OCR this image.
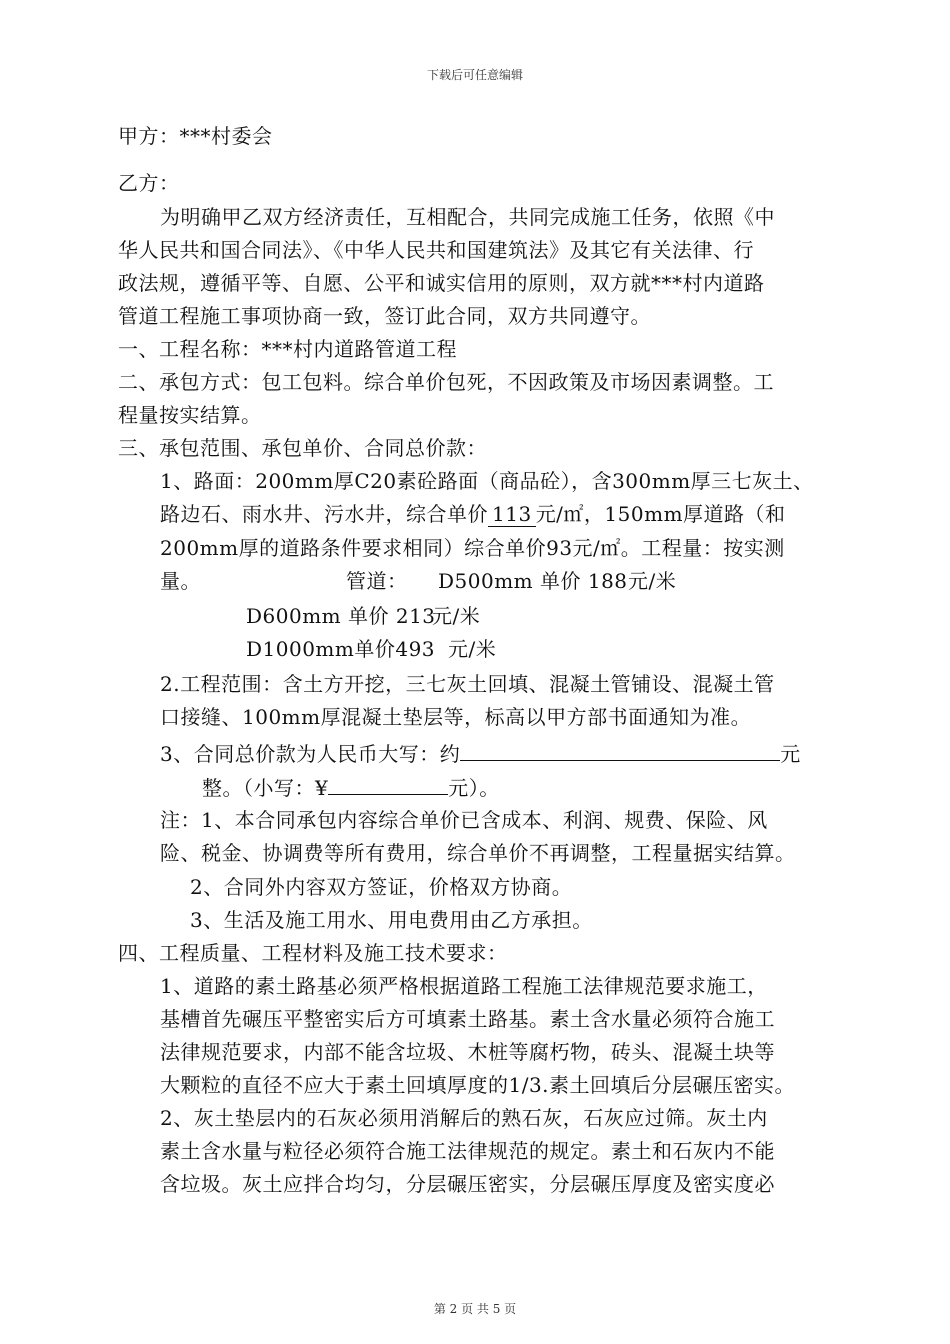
下载后可任意编辑
甲方：***村委会
乙方：
为明确甲乙双方经济责任，互相配合，共同完成施工任务，依照《中
华人民共和国合同法》、《中华人民共和国建筑法》及其它有关法律、行
政法规，遵循平等、自愿、公平和诚实信用的原则，双方就***村内道路
管道工程施工事项协商一致，签订此合同，双方共同遵守。
一、工程名称：***村内道路管道工程
二、承包方式：包工包料。综合单价包死，不因政策及市场因素调整。工
程量按实结算。
三、承包范围、承包单价、合同总价款：
1、路面：200mm厚C20素砼路面（商品砼），含300mm厚三七灰土、
路边石、雨水井、污水井，综合单价 113 元/㎡，150mm厚道路（和
200mm厚的道路条件要求相同）综合单价93元/㎡。工程量：按实测
量。	管道： D500mm 单价 188 元/米
D600mm 单价 213
元/米
D1000mm单价493 元/米
2.工程范围：含土方开挖，三七灰土回填、混凝土管铺设、混凝土管
口接缝、100mm厚混凝土垫层等，标高以甲方部书面通知为准。
3、合同总价款为人民币大写：约	元
整。（小写：¥	元）。
注：1、本合同承包内容综合单价已含成本、利润、规费、保险、风
险、税金、协调费等所有费用，综合单价不再调整，工程量据实结算。
2、合同外内容双方签证，价格双方协商。
3、生活及施工用水、用电费用由乙方承担。
四、工程质量、工程材料及施工技术要求：
1、道路的素土路基必须严格根据道路工程施工法律规范要求施工，
基槽首先碾压平整密实后方可填素土路基。素土含水量必须符合施工
法律规范要求，内部不能含垃圾、木桩等腐朽物，砖头、混凝土块等
大颗粒的直径不应大于素土回填厚度的1/3.素土回填后分层碾压密实。
2、灰土垫层内的石灰必须用消解后的熟石灰，石灰应过筛。灰土内
素土含水量与粒径必须符合施工法律规范的规定。素土和石灰内不能
含垃圾。灰土应拌合均匀，分层碾压密实，分层碾压厚度及密实度必
第 2 页 共 5 页
